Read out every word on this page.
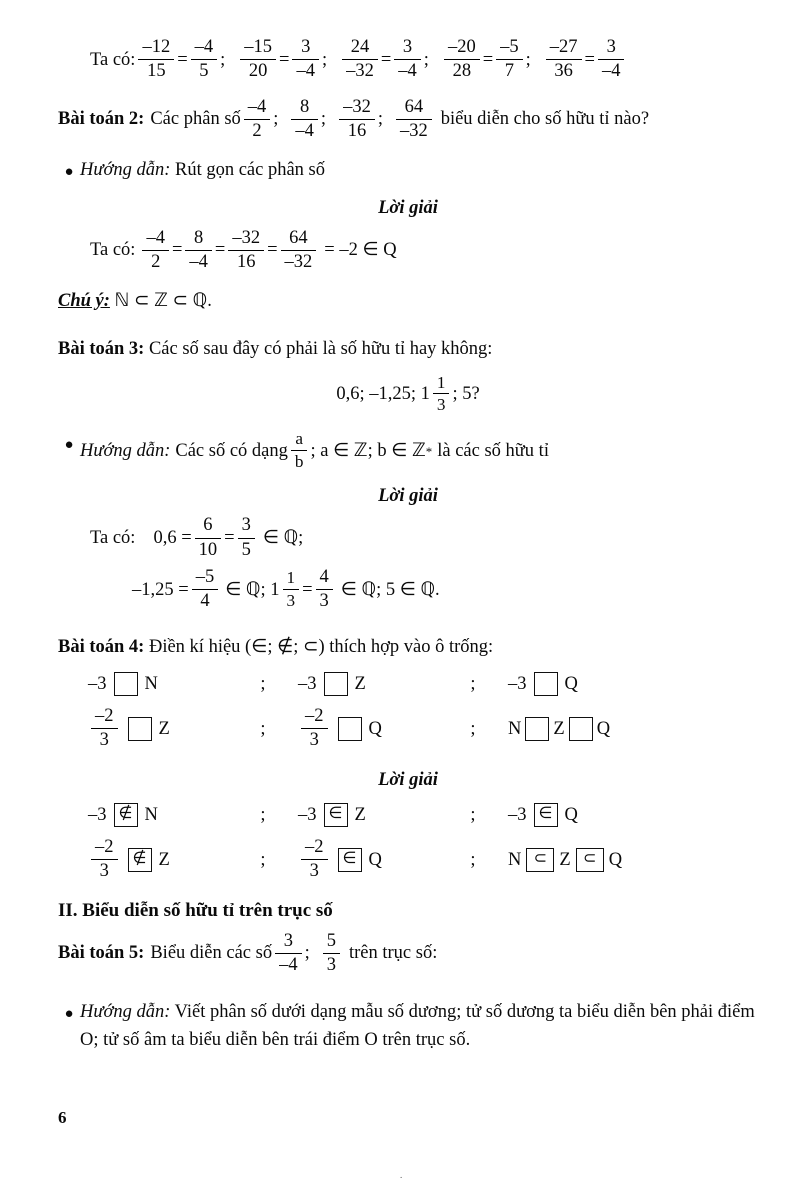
Ta có: $\frac{-12}{15} = \frac{-4}{5}$ ; $\frac{-15}{20} = \frac{3}{-4}$ ; $\frac{24}{-32} = \frac{3}{-4}$ ; $\frac{-20}{28} = \frac{-5}{7}$ ; $\frac{-27}{36} = \frac{3}{-4}$
Bài toán 2: Các phân số $\frac{-4}{2}$ ; $\frac{8}{-4}$ ; $\frac{-32}{16}$ ; $\frac{64}{-32}$ biểu diễn cho số hữu tỉ nào?
● Hướng dẫn: Rút gọn các phân số
Lời giải
Ta có: $\frac{-4}{2} = \frac{8}{-4} = \frac{-32}{16} = \frac{64}{-32} = -2$ ∈ Q
Chú ý: ℕ ⊂ ℤ ⊂ ℚ.
Bài toán 3: Các số sau đây có phải là số hữu tỉ hay không:
0,6; –1,25; $1 \frac{1}{3}$ ; 5?
● Hướng dẫn: Các số có dạng $\frac{a}{b}$ ; a ∈ ℤ; b ∈ ℤ * là các số hữu tỉ
Lời giải
Ta có: $0,6 = \frac{6}{10} = \frac{3}{5}$ ∈ ℚ;
$-1,25 = \frac{-5}{4}$ ∈ ℚ; $1 \frac{1}{3} = \frac{4}{3}$ ∈ ℚ; 5 ∈ ℚ.
Bài toán 4: Điền kí hiệu (∈; ∉; ⊂) thích hợp vào ô trống:
–3 N	;	–3 Z	;	–3 Q
$\frac{-2}{3}$ Z	;	$\frac{-2}{3}$ Q	;	N Z Q
Lời giải
–3 ∉ N	;	–3 ∈ Z	;	–3 ∈ Q
$\frac{-2}{3}$ ∉ Z	;	$\frac{-2}{3}$ ∈ Q	;	N ⊂ Z ⊂ Q
II. Biểu diễn số hữu tỉ trên trục số
Bài toán 5: Biểu diễn các số $\frac{3}{-4}$ ; $\frac{5}{3}$ trên trục số:
● Hướng dẫn: Viết phân số dưới dạng mẫu số dương; tử số dương ta biểu diễn bên phải điểm O; tử số âm ta biểu diễn bên trái điểm O trên trục số.
6
.
